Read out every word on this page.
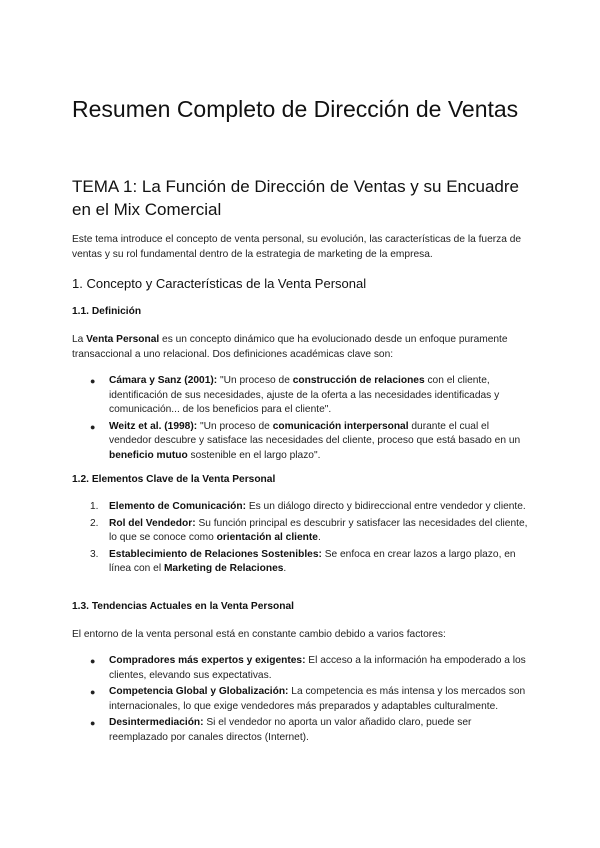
Resumen Completo de Dirección de Ventas
TEMA 1: La Función de Dirección de Ventas y su Encuadre en el Mix Comercial

Este tema introduce el concepto de venta personal, su evolución, las características de la fuerza de ventas y su rol fundamental dentro de la estrategia de marketing de la empresa.

1. Concepto y Características de la Venta Personal
1.1. Definición

La Venta Personal es un concepto dinámico que ha evolucionado desde un enfoque puramente transaccional a uno relacional. Dos definiciones académicas clave son:

● Cámara y Sanz (2001): "Un proceso de construcción de relaciones con el cliente, identificación de sus necesidades, ajuste de la oferta a las necesidades identificadas y comunicación... de los beneficios para el cliente".
● Weitz et al. (1998): "Un proceso de comunicación interpersonal durante el cual el vendedor descubre y satisface las necesidades del cliente, proceso que está basado en un beneficio mutuo sostenible en el largo plazo".
1.2. Elementos Clave de la Venta Personal
1. Elemento de Comunicación: Es un diálogo directo y bidireccional entre vendedor y cliente.
2. Rol del Vendedor: Su función principal es descubrir y satisfacer las necesidades del cliente, lo que se conoce como orientación al cliente.
3. Establecimiento de Relaciones Sostenibles: Se enfoca en crear lazos a largo plazo, en línea con el Marketing de Relaciones.
1.3. Tendencias Actuales en la Venta Personal

El entorno de la venta personal está en constante cambio debido a varios factores:

● Compradores más expertos y exigentes: El acceso a la información ha empoderado a los clientes, elevando sus expectativas.
● Competencia Global y Globalización: La competencia es más intensa y los mercados son internacionales, lo que exige vendedores más preparados y adaptables culturalmente.
● Desintermediación: Si el vendedor no aporta un valor añadido claro, puede ser reemplazado por canales directos (Internet).
